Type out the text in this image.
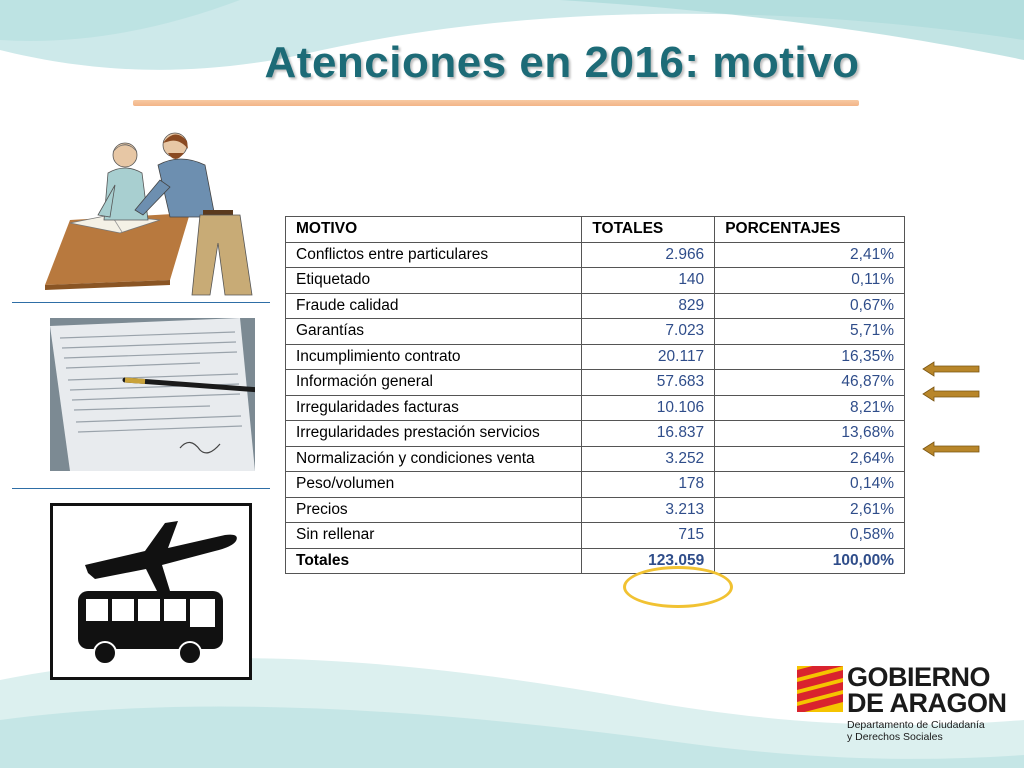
Atenciones en 2016: motivo
MOTIVO	TOTALES	PORCENTAJES
Conflictos entre particulares	2.966	2,41%
Etiquetado	140	0,11%
Fraude calidad	829	0,67%
Garantías	7.023	5,71%
Incumplimiento contrato	20.117	16,35%
Información general	57.683	46,87%
Irregularidades facturas	10.106	8,21%
Irregularidades prestación servicios	16.837	13,68%
Normalización y condiciones venta	3.252	2,64%
Peso/volumen	178	0,14%
Precios	3.213	2,61%
Sin rellenar	715	0,58%
Totales	123.059	100,00%
GOBIERNO
DE ARAGON
Departamento de Ciudadanía
y Derechos Sociales
